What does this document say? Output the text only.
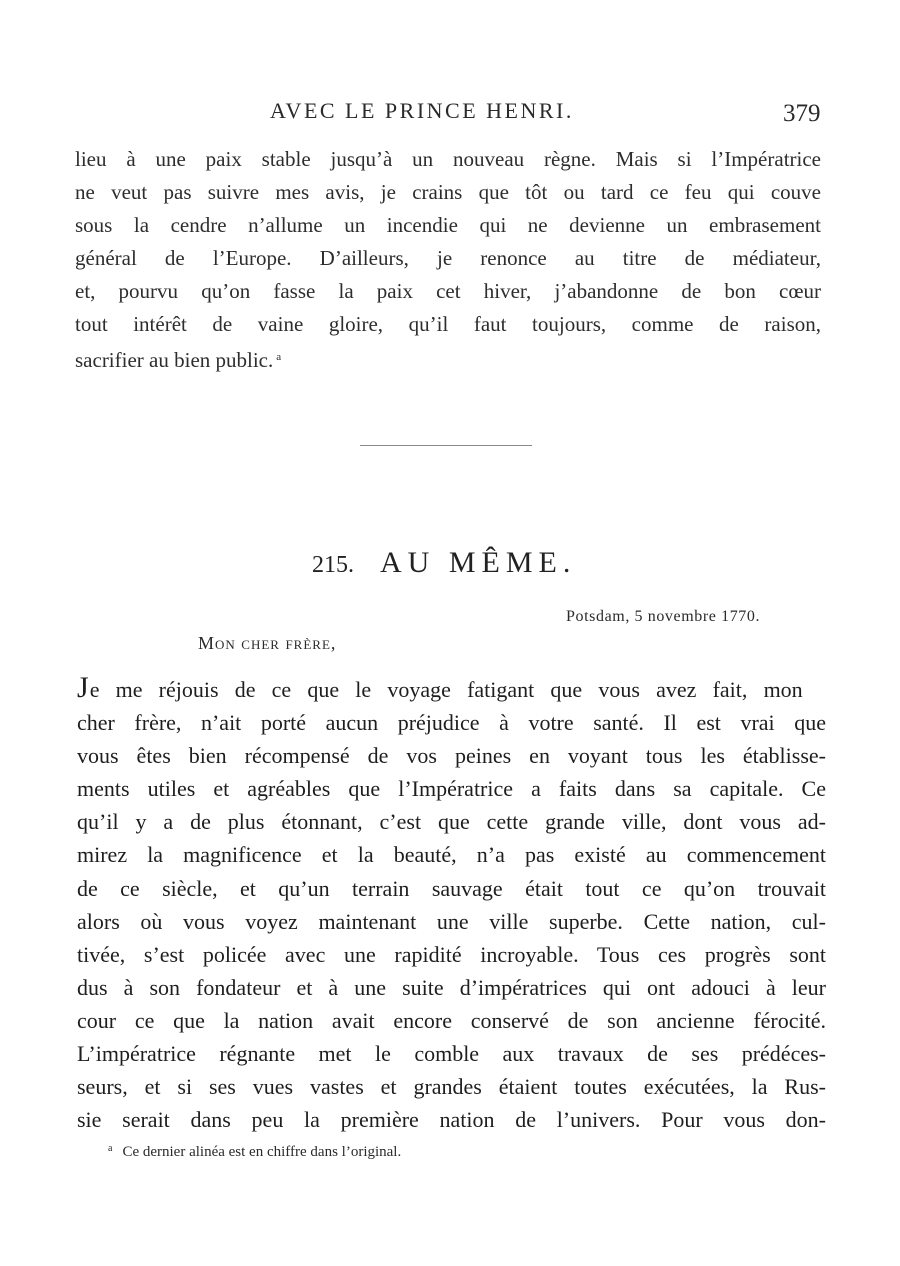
AVEC LE PRINCE HENRI.	379
lieu à une paix stable jusqu’à un nouveau règne. Mais si l’Impératrice
ne veut pas suivre mes avis, je crains que tôt ou tard ce feu qui couve
sous la cendre n’allume un incendie qui ne devienne un embrasement
général de l’Europe. D’ailleurs, je renonce au titre de médiateur,
et, pourvu qu’on fasse la paix cet hiver, j’abandonne de bon cœur
tout intérêt de vaine gloire, qu’il faut toujours, comme de raison,
sacrifier au bien public. $^a$
215. AU MÊME.
Potsdam, 5 novembre 1770.
Mon cher frère,
Je me réjouis de ce que le voyage fatigant que vous avez fait, mon
cher frère, n’ait porté aucun préjudice à votre santé. Il est vrai que
vous êtes bien récompensé de vos peines en voyant tous les établisse-
ments utiles et agréables que l’Impératrice a faits dans sa capitale. Ce
qu’il y a de plus étonnant, c’est que cette grande ville, dont vous ad-
mirez la magnificence et la beauté, n’a pas existé au commencement
de ce siècle, et qu’un terrain sauvage était tout ce qu’on trouvait
alors où vous voyez maintenant une ville superbe. Cette nation, cul-
tivée, s’est policée avec une rapidité incroyable. Tous ces progrès sont
dus à son fondateur et à une suite d’impératrices qui ont adouci à leur
cour ce que la nation avait encore conservé de son ancienne férocité.
L’impératrice régnante met le comble aux travaux de ses prédéces-
seurs, et si ses vues vastes et grandes étaient toutes exécutées, la Rus-
sie serait dans peu la première nation de l’univers. Pour vous don-
$^a$ Ce dernier alinéa est en chiffre dans l’original.
